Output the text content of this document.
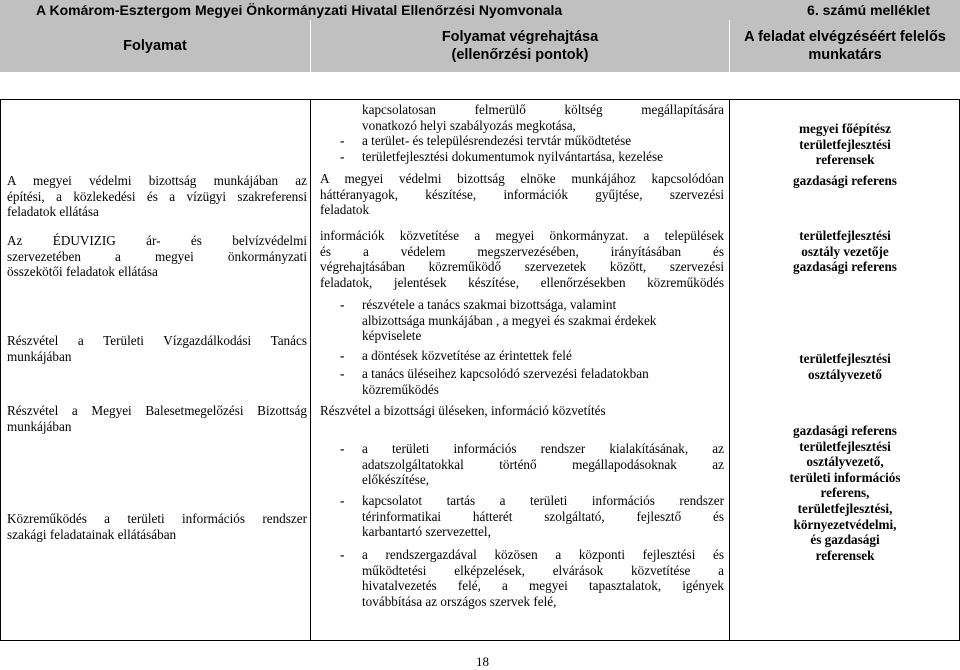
A Komárom-Esztergom Megyei Önkormányzati Hivatal Ellenőrzési Nyomvonala	6. számú melléklet
Folyamat
Folyamat végrehajtása
(ellenőrzési pontok)
A feladat elvégzéséért felelős
munkatárs
A megyei védelmi bizottság munkájában az
építési, a közlekedési és a vízügyi szakreferensi
feladatok ellátása
Az ÉDUVIZIG ár- és belvízvédelmi
szervezetében a megyei önkormányzati
összekötői feladatok ellátása
Részvétel a Területi Vízgazdálkodási Tanács
munkájában
Részvétel a Megyei Balesetmegelőzési Bizottság
munkájában
Közreműködés a területi információs rendszer
szakági feladatainak ellátásában
kapcsolatosan felmerülő költség megállapítására
vonatkozó helyi szabályozás megkotása,
- a terület- és településrendezési tervtár működtetése
- területfejlesztési dokumentumok nyilvántartása, kezelése
A megyei védelmi bizottság elnöke munkájához kapcsolódóan
háttéranyagok, készítése, információk gyűjtése, szervezési
feladatok
információk közvetítése a megyei önkormányzat. a települések
és a védelem megszervezésében, irányításában és
végrehajtásában közreműködő szervezetek között, szervezési
feladatok, jelentések készítése, ellenőrzésekben közreműködés
- részvétele a tanács szakmai bizottsága, valamint
albizottsága munkájában , a megyei és szakmai érdekek
képviselete
- a döntések közvetítése az érintettek felé
- a tanács üléseihez kapcsolódó szervezési feladatokban
közreműködés
Részvétel a bizottsági üléseken, információ közvetítés
- a területi információs rendszer kialakításának, az
adatszolgáltatokkal történő megállapodásoknak az
előkészítése,
- kapcsolatot tartás a területi információs rendszer
térinformatikai hátterét szolgáltató, fejlesztő és
karbantartó szervezettel,
- a rendszergazdával közösen a központi fejlesztési és
működtetési elképzelések, elvárások közvetítése a
hivatalvezetés felé, a megyei tapasztalatok, igények
továbbítása az országos szervek felé,
megyei főépítész
területfejlesztési
referensek
gazdasági referens
területfejlesztési
osztály vezetője
gazdasági referens
területfejlesztési
osztályvezető
gazdasági referens
területfejlesztési
osztályvezető,
területi információs
referens,
területfejlesztési,
környezetvédelmi,
és gazdasági
referensek
18
